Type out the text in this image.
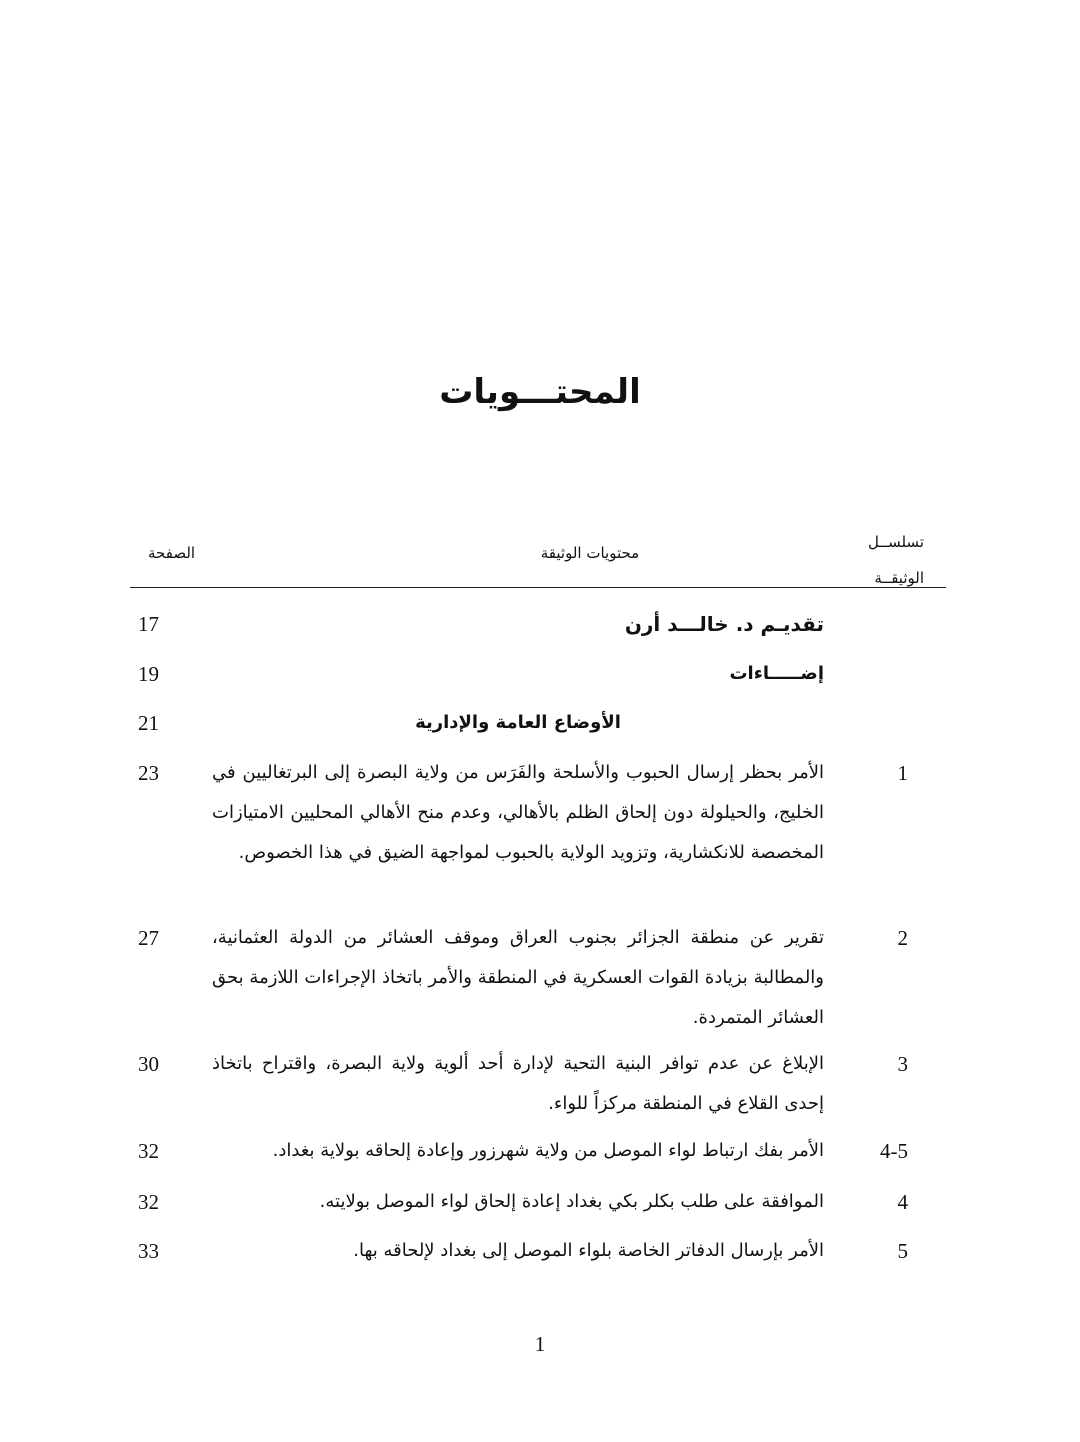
المحتـــويات
تسلســل
الوثيقــة
محتويات الوثيقة
الصفحة
تقديـم د. خالـــد أرن
17
إضـــــاءات
19
الأوضاع العامة والإدارية
21
1
الأمر بحظر إرسال الحبوب والأسلحة والفَرَس من ولاية البصرة إلى البرتغاليين في الخليج، والحيلولة دون إلحاق الظلم بالأهالي، وعدم منح الأهالي المحليين الامتيازات المخصصة للانكشارية، وتزويد الولاية بالحبوب لمواجهة الضيق في هذا الخصوص.
23
2
تقرير عن منطقة الجزائر بجنوب العراق وموقف العشائر من الدولة العثمانية، والمطالبة بزيادة القوات العسكرية في المنطقة والأمر باتخاذ الإجراءات اللازمة بحق العشائر المتمردة.
27
3
الإبلاغ عن عدم توافر البنية التحية لإدارة أحد ألوية ولاية البصرة، واقتراح باتخاذ إحدى القلاع في المنطقة مركزاً للواء.
30
4-5
الأمر بفك ارتباط لواء الموصل من ولاية شهرزور وإعادة إلحاقه بولاية بغداد.
32
4
الموافقة على طلب بكلر بكي بغداد إعادة إلحاق لواء الموصل بولايته.
32
5
الأمر بإرسال الدفاتر الخاصة بلواء الموصل إلى بغداد لإلحاقه بها.
33
1
